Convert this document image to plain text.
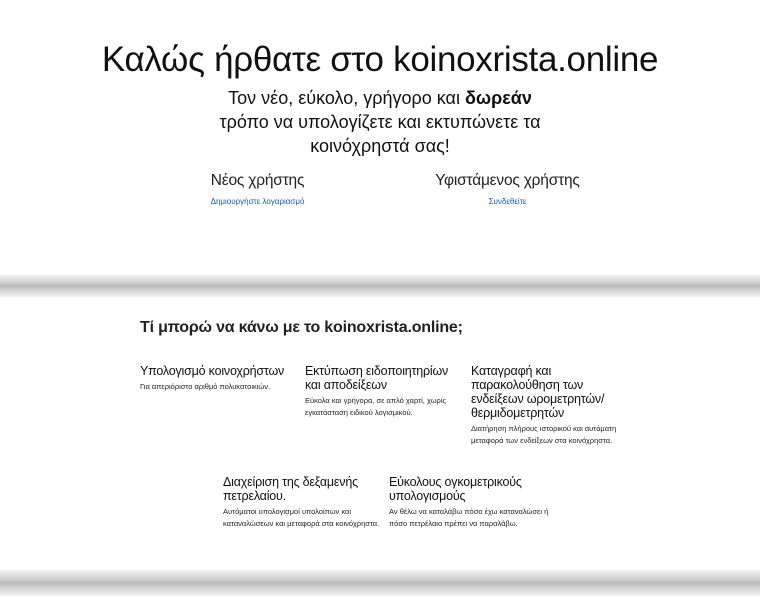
Καλώς ήρθατε στο koinoxrista.online
Τον νέο, εύκολο, γρήγορο και δωρεάν
τρόπο να υπολογίζετε και εκτυπώνετε τα
κοινόχρηστά σας!
Νέος χρήστης
Δημιουργήστε λογαριασμό
Υφιστάμενος χρήστης
Συνδεθείτε
Τί μπορώ να κάνω με το koinoxrista.online;
Υπολογισμό κοινοχρήστων
Για απεριόριστο αριθμό πολυκατοικιών.
Εκτύπωση ειδοποιητηρίων και αποδείξεων
Εύκολα και γρήγορα, σε απλό χαρτί, χωρίς εγκατάσταση ειδικού λογισμικού.
Καταγραφή και παρακολούθηση των ενδείξεων ωρομετρητών/θερμιδομετρητών
Διατήρηση πλήρους ιστορικού και αυτόματη μεταφορά των ενδείξεων στα κοινόχρηστα.
Διαχείριση της δεξαμενής πετρελαίου.
Αυτόματοι υπολογισμοί υπολοίπων και καταναλώσεων και μεταφορά στα κοινόχρηστα.
Εύκολους ογκομετρικούς υπολογισμούς
Αν θέλω να καταλάβω πόσο έχω καταναλώσει ή πόσο πετρέλαιο πρέπει να παραλάβω.
